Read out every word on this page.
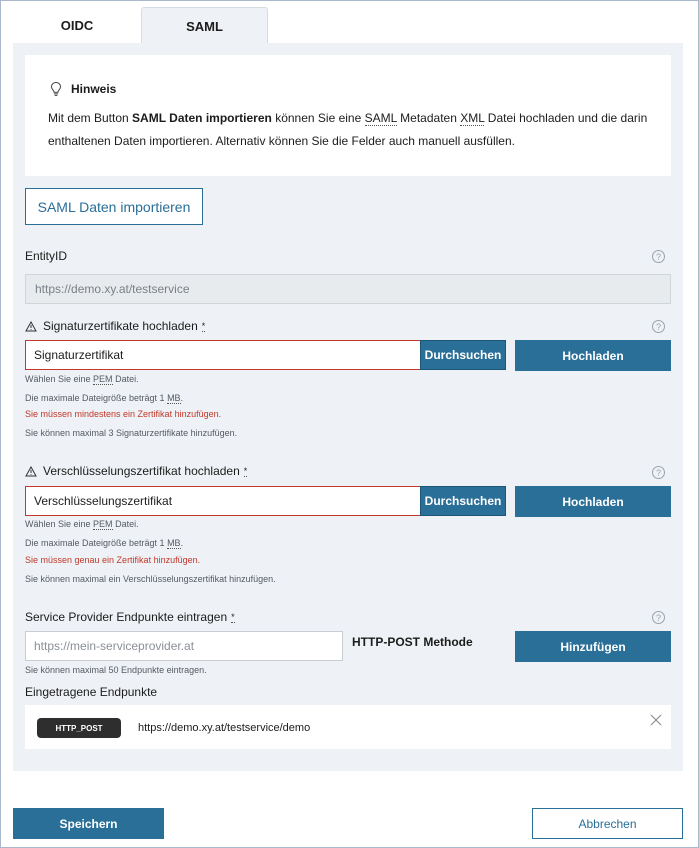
OIDC	SAML
Hinweis
Mit dem Button SAML Daten importieren können Sie eine SAML Metadaten XML Datei hochladen und die darin enthaltenen Daten importieren. Alternativ können Sie die Felder auch manuell ausfüllen.
SAML Daten importieren
EntityID	?
https://demo.xy.at/testservice
Signaturzertifikate hochladen *	?
Signaturzertifikat	Durchsuchen	Hochladen
Wählen Sie eine PEM Datei.
Die maximale Dateigröße beträgt 1 MB.
Sie müssen mindestens ein Zertifikat hinzufügen.
Sie können maximal 3 Signaturzertifikate hinzufügen.
Verschlüsselungszertifikat hochladen *	?
Verschlüsselungszertifikat	Durchsuchen	Hochladen
Wählen Sie eine PEM Datei.
Die maximale Dateigröße beträgt 1 MB.
Sie müssen genau ein Zertifikat hinzufügen.
Sie können maximal ein Verschlüsselungszertifikat hinzufügen.
Service Provider Endpunkte eintragen *	?
https://mein-serviceprovider.at	HTTP-POST Methode	Hinzufügen
Sie können maximal 50 Endpunkte eintragen.
Eingetragene Endpunkte
HTTP_POST	https://demo.xy.at/testservice/demo
Speichern	Abbrechen
